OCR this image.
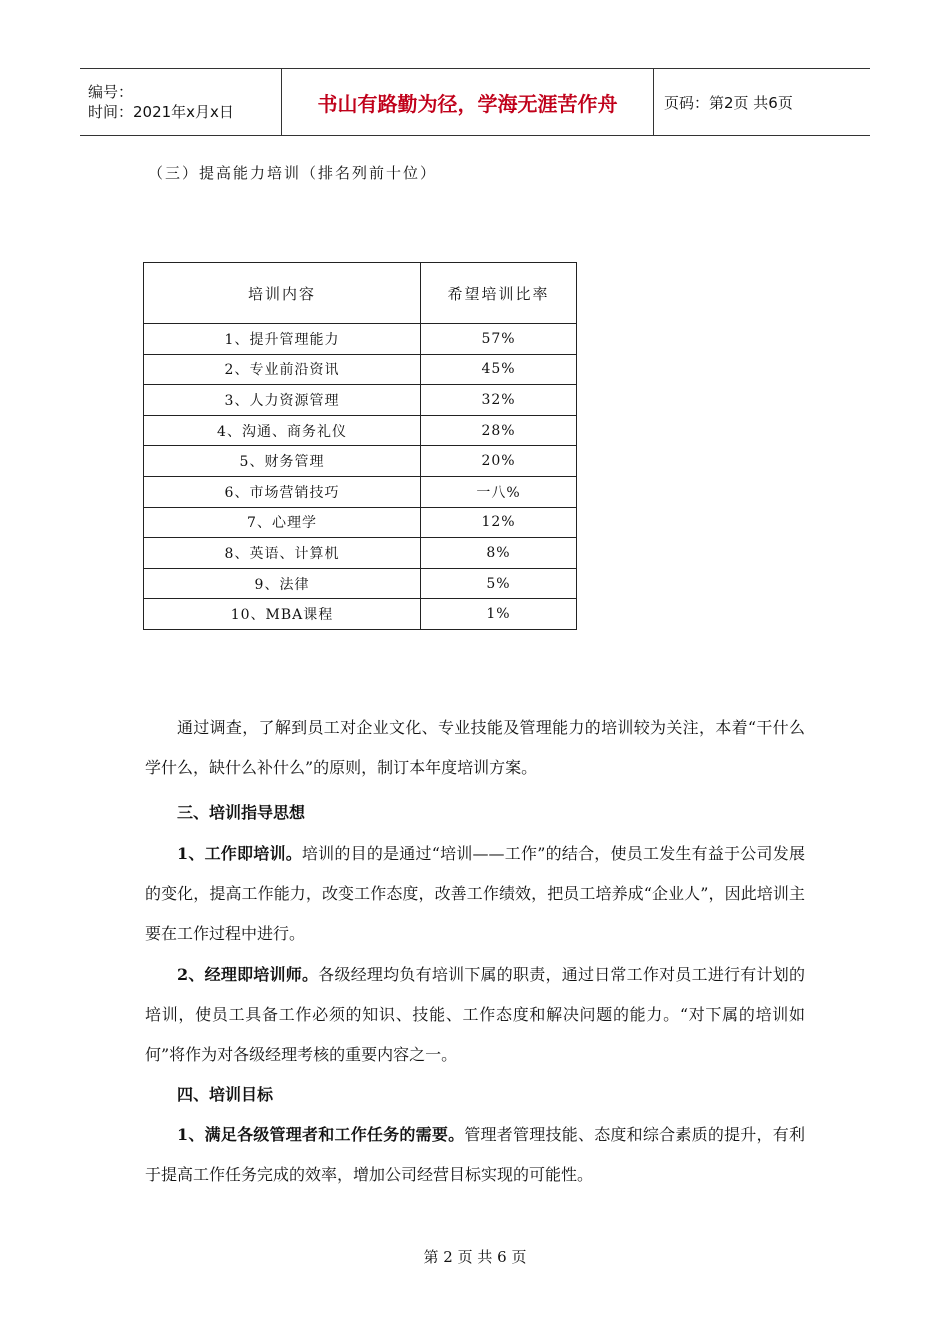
编号：
时间：2021年x月x日	书山有路勤为径，学海无涯苦作舟	页码：第2页 共6页
（三）提高能力培训（排名列前十位）
培训内容	希望培训比率
1、提升管理能力	57%
2、专业前沿资讯	45%
3、人力资源管理	32%
4、沟通、商务礼仪	28%
5、财务管理	20%
6、市场营销技巧	一八%
7、心理学	12%
8、英语、计算机	8%
9、法律	5%
10、MBA课程	1%

通过调查，了解到员工对企业文化、专业技能及管理能力的培训较为关注，本着“干什么学什么，缺什么补什么”的原则，制订本年度培训方案。

三、培训指导思想

1、工作即培训。培训的目的是通过“培训——工作”的结合，使员工发生有益于公司发展的变化，提高工作能力，改变工作态度，改善工作绩效，把员工培养成“企业人”，因此培训主要在工作过程中进行。

2、经理即培训师。各级经理均负有培训下属的职责，通过日常工作对员工进行有计划的培训，使员工具备工作必须的知识、技能、工作态度和解决问题的能力。“对下属的培训如何”将作为对各级经理考核的重要内容之一。

四、培训目标

1、满足各级管理者和工作任务的需要。管理者管理技能、态度和综合素质的提升，有利于提高工作任务完成的效率，增加公司经营目标实现的可能性。

第 2 页 共 6 页
